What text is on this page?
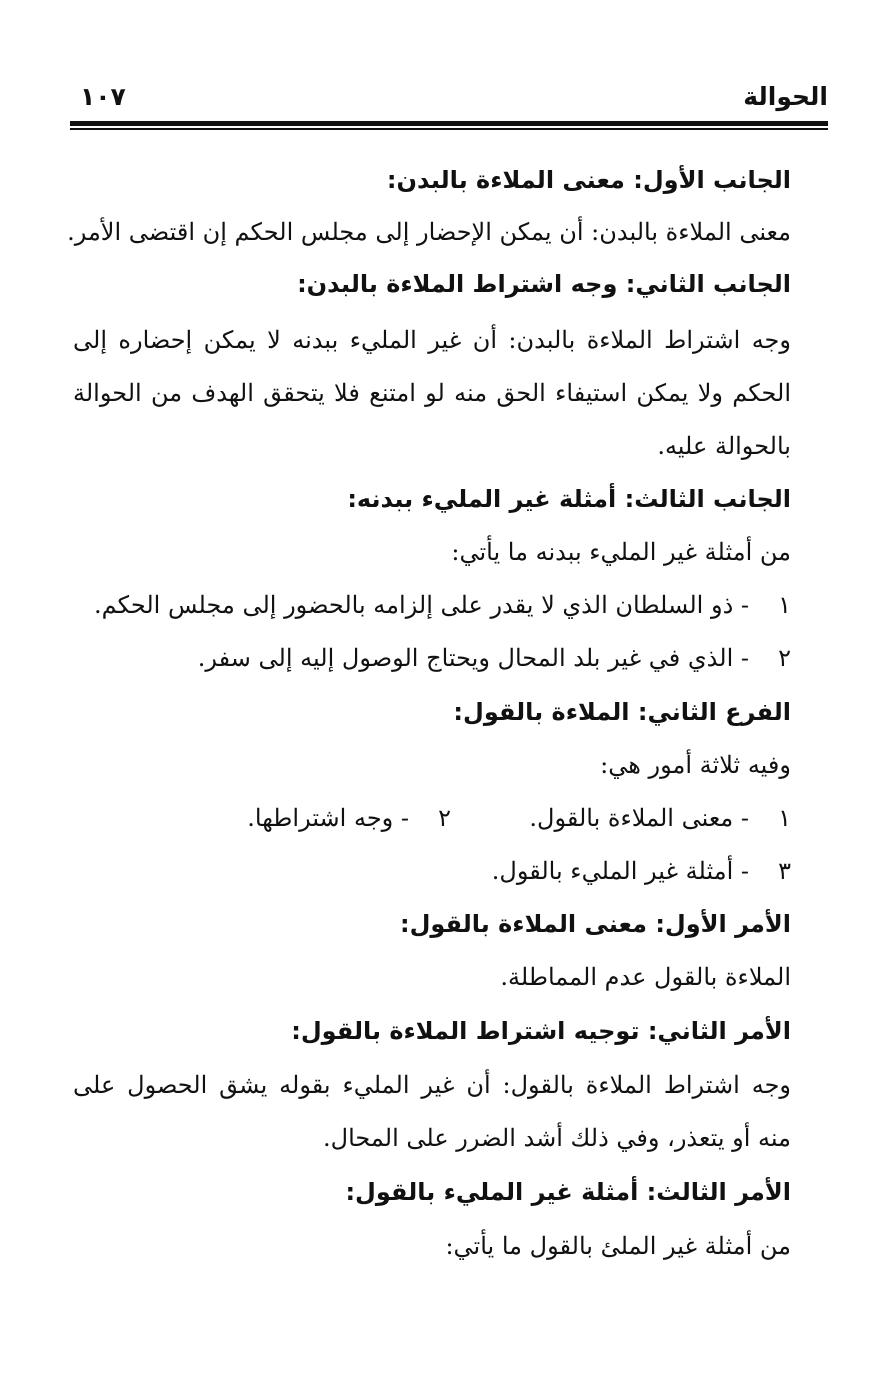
الحوالة
١٠٧
الجانب الأول: معنى الملاءة بالبدن:
معنى الملاءة بالبدن: أن يمكن الإحضار إلى مجلس الحكم إن اقتضى الأمر.
الجانب الثاني: وجه اشتراط الملاءة بالبدن:
وجه اشتراط الملاءة بالبدن: أن غير المليء ببدنه لا يمكن إحضاره إلى
الحكم ولا يمكن استيفاء الحق منه لو امتنع فلا يتحقق الهدف من الحوالة
بالحوالة عليه.
الجانب الثالث: أمثلة غير المليء ببدنه:
من أمثلة غير المليء ببدنه ما يأتي:
١- ذو السلطان الذي لا يقدر على إلزامه بالحضور إلى مجلس الحكم.
٢- الذي في غير بلد المحال ويحتاج الوصول إليه إلى سفر.
الفرع الثاني: الملاءة بالقول:
وفيه ثلاثة أمور هي:
١- معنى الملاءة بالقول.
٢- وجه اشتراطها.
٣- أمثلة غير المليء بالقول.
الأمر الأول: معنى الملاءة بالقول:
الملاءة بالقول عدم المماطلة.
الأمر الثاني: توجيه اشتراط الملاءة بالقول:
وجه اشتراط الملاءة بالقول: أن غير المليء بقوله يشق الحصول على
منه أو يتعذر، وفي ذلك أشد الضرر على المحال.
الأمر الثالث: أمثلة غير المليء بالقول:
من أمثلة غير الملئ بالقول ما يأتي:
